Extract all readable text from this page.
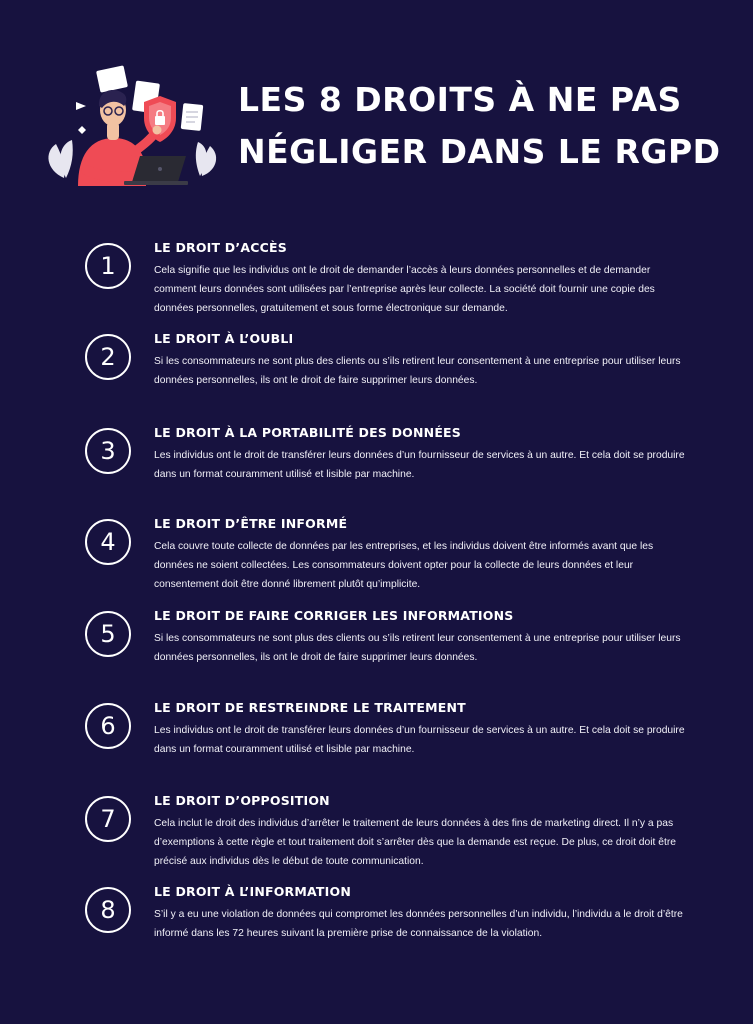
LES 8 DROITS À NE PAS
NÉGLIGER DANS LE RGPD
1
LE DROIT D’ACCÈS
Cela signifie que les individus ont le droit de demander l’accès à leurs données personnelles et de demander comment leurs données sont utilisées par l’entreprise après leur collecte. La société doit fournir une copie des données personnelles, gratuitement et sous forme électronique sur demande.
2
LE DROIT À L’OUBLI
Si les consommateurs ne sont plus des clients ou s’ils retirent leur consentement à une entreprise pour utiliser leurs données personnelles, ils ont le droit de faire supprimer leurs données.
3
LE DROIT À LA PORTABILITÉ DES DONNÉES
Les individus ont le droit de transférer leurs données d’un fournisseur de services à un autre. Et cela doit se produire dans un format couramment utilisé et lisible par machine.
4
LE DROIT D’ÊTRE INFORMÉ
Cela couvre toute collecte de données par les entreprises, et les individus doivent être informés avant que les données ne soient collectées. Les consommateurs doivent opter pour la collecte de leurs données et leur consentement doit être donné librement plutôt qu’implicite.
5
LE DROIT DE FAIRE CORRIGER LES INFORMATIONS
Si les consommateurs ne sont plus des clients ou s’ils retirent leur consentement à une entreprise pour utiliser leurs données personnelles, ils ont le droit de faire supprimer leurs données.
6
LE DROIT DE RESTREINDRE LE TRAITEMENT
Les individus ont le droit de transférer leurs données d’un fournisseur de services à un autre. Et cela doit se produire dans un format couramment utilisé et lisible par machine.
7
LE DROIT D’OPPOSITION
Cela inclut le droit des individus d’arrêter le traitement de leurs données à des fins de marketing direct. Il n’y a pas d’exemptions à cette règle et tout traitement doit s’arrêter dès que la demande est reçue. De plus, ce droit doit être précisé aux individus dès le début de toute communication.
8
LE DROIT À L’INFORMATION
S’il y a eu une violation de données qui compromet les données personnelles d’un individu, l’individu a le droit d’être informé dans les 72 heures suivant la première prise de connaissance de la violation.
